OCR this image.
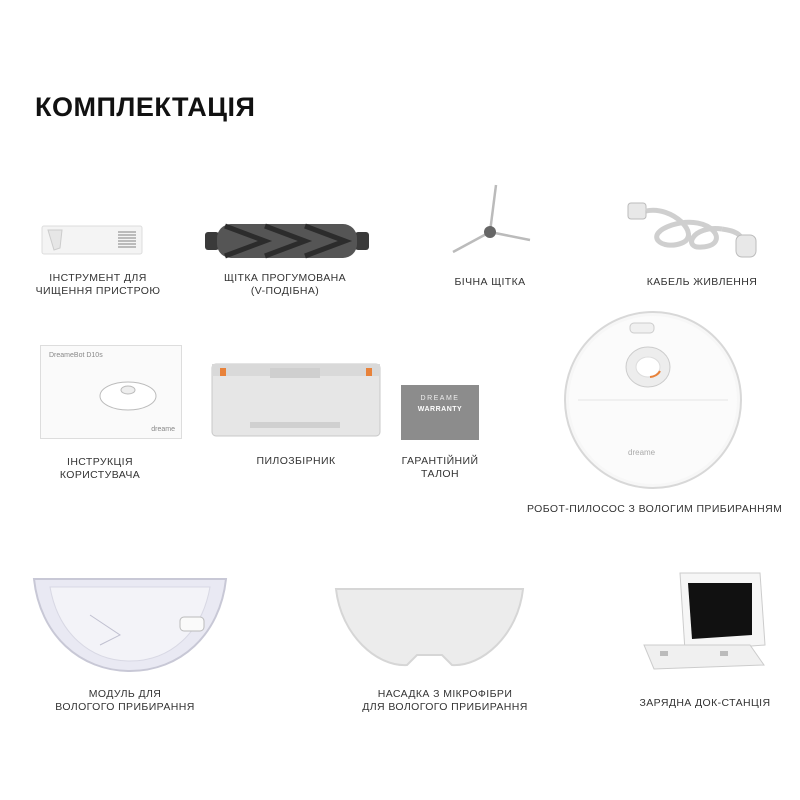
КОМПЛЕКТАЦІЯ
ІНСТРУМЕНТ ДЛЯ
ЧИЩЕННЯ ПРИСТРОЮ
ЩІТКА ПРОГУМОВАНА
(V-ПОДІБНА)
БІЧНА ЩІТКА	КАБЕЛЬ ЖИВЛЕННЯ
DreameBot D10s
dreame
ІНСТРУКЦІЯ
КОРИСТУВАЧА
ПИЛОЗБІРНИК
DREAME
WARRANTY
ГАРАНТІЙНИЙ
ТАЛОН
dreame
РОБОТ-ПИЛОСОС З ВОЛОГИМ ПРИБИРАННЯМ
МОДУЛЬ ДЛЯ
ВОЛОГОГО ПРИБИРАННЯ
НАСАДКА З МІКРОФІБРИ
ДЛЯ ВОЛОГОГО ПРИБИРАННЯ	ЗАРЯДНА ДОК-СТАНЦІЯ
